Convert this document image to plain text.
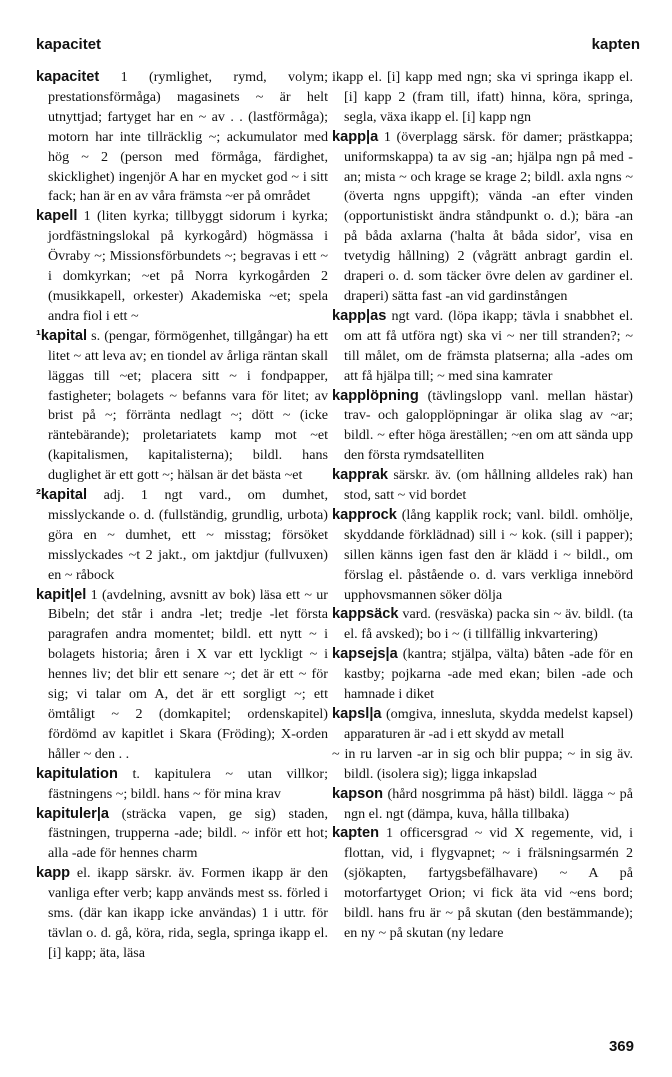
kapacitet	kapten

kapacitet 1 (rymlighet, rymd, volym; prestationsförmåga) magasinets ~ är helt utnyttjad; fartyget har en ~ av . . (lastförmåga); motorn har inte tillräcklig ~; ackumulator med hög ~ 2 (person med förmåga, färdighet, skicklighet) ingenjör A har en mycket god ~ i sitt fack; han är en av våra främsta ~er på området

kapell 1 (liten kyrka; tillbyggt sidorum i kyrka; jordfästningslokal på kyrkogård) högmässa i Övraby ~; Missionsförbundets ~; begravas i ett ~ i domkyrkan; ~et på Norra kyrkogården 2 (musikkapell, orkester) Akademiska ~et; spela andra fiol i ett ~

¹kapital s. (pengar, förmögenhet, tillgångar) ha ett litet ~ att leva av; en tiondel av årliga räntan skall läggas till ~et; placera sitt ~ i fondpapper, fastigheter; bolagets ~ befanns vara för litet; av brist på ~; förränta nedlagt ~; dött ~ (icke räntebärande); proletariatets kamp mot ~et (kapitalismen, kapitalisterna); bildl. hans duglighet är ett gott ~; hälsan är det bästa ~et

²kapital adj. 1 ngt vard., om dumhet, misslyckande o. d. (fullständig, grundlig, urbota) göra en ~ dumhet, ett ~ misstag; försöket misslyckades ~t 2 jakt., om jaktdjur (fullvuxen) en ~ råbock

kapit|el 1 (avdelning, avsnitt av bok) läsa ett ~ ur Bibeln; det står i andra -let; tredje -let första paragrafen andra momentet; bildl. ett nytt ~ i bolagets historia; åren i X var ett lyckligt ~ i hennes liv; det blir ett senare ~; det är ett ~ för sig; vi talar om A, det är ett sorgligt ~; ett ömtåligt ~ 2 (domkapitel; ordenskapitel) fördömd av kapitlet i Skara (Fröding); X-orden håller ~ den . .

kapitulation t. kapitulera ~ utan villkor; fästningens ~; bildl. hans ~ för mina krav

kapituler|a (sträcka vapen, ge sig) staden, fästningen, trupperna -ade; bildl. ~ inför ett hot; alla -ade för hennes charm

kapp el. ikapp särskr. äv. Formen ikapp är den vanliga efter verb; kapp används mest ss. förled i sms. (där kan ikapp icke användas) 1 i uttr. för tävlan o. d. gå, köra, rida, segla, springa ikapp el. [i] kapp; äta, läsa

ikapp el. [i] kapp med ngn; ska vi springa ikapp el. [i] kapp 2 (fram till, ifatt) hinna, köra, springa, segla, växa ikapp el. [i] kapp ngn

kapp|a 1 (överplagg särsk. för damer; prästkappa; uniformskappa) ta av sig -an; hjälpa ngn på med -an; mista ~ och krage se krage 2; bildl. axla ngns ~ (överta ngns uppgift); vända -an efter vinden (opportunistiskt ändra ståndpunkt o. d.); bära -an på båda axlarna ('halta åt båda sidor', visa en tvetydig hållning) 2 (vågrätt anbragt gardin el. draperi o. d. som täcker övre delen av gardiner el. draperi) sätta fast -an vid gardinstången

kapp|as ngt vard. (löpa ikapp; tävla i snabbhet el. om att få utföra ngt) ska vi ~ ner till stranden?; ~ till målet, om de främsta platserna; alla -ades om att få hjälpa till; ~ med sina kamrater

kapplöpning (tävlingslopp vanl. mellan hästar) trav- och galopplöpningar är olika slag av ~ar; bildl. ~ efter höga äreställen; ~en om att sända upp den första rymdsatelliten

kapprak särskr. äv. (om hållning alldeles rak) han stod, satt ~ vid bordet

kapprock (lång kapplik rock; vanl. bildl. omhölje, skyddande förklädnad) sill i ~ kok. (sill i papper); sillen känns igen fast den är klädd i ~ bildl., om förslag el. påstående o. d. vars verkliga innebörd upphovsmannen söker dölja

kappsäck vard. (resväska) packa sin ~ äv. bildl. (ta el. få avsked); bo i ~ (i tillfällig inkvartering)

kapsejs|a (kantra; stjälpa, välta) båten -ade för en kastby; pojkarna -ade med ekan; bilen -ade och hamnade i diket

kapsl|a (omgiva, innesluta, skydda medelst kapsel) apparaturen är -ad i ett skydd av metall

~ in ru larven -ar in sig och blir puppa; ~ in sig äv. bildl. (isolera sig); ligga inkapslad

kapson (hård nosgrimma på häst) bildl. lägga ~ på ngn el. ngt (dämpa, kuva, hålla tillbaka)

kapten 1 officersgrad ~ vid X regemente, vid, i flottan, vid, i flygvapnet; ~ i frälsningsarmén 2 (sjökapten, fartygsbefälhavare) ~ A på motorfartyget Orion; vi fick äta vid ~ens bord; bildl. hans fru är ~ på skutan (den bestämmande); en ny ~ på skutan (ny ledare

369
